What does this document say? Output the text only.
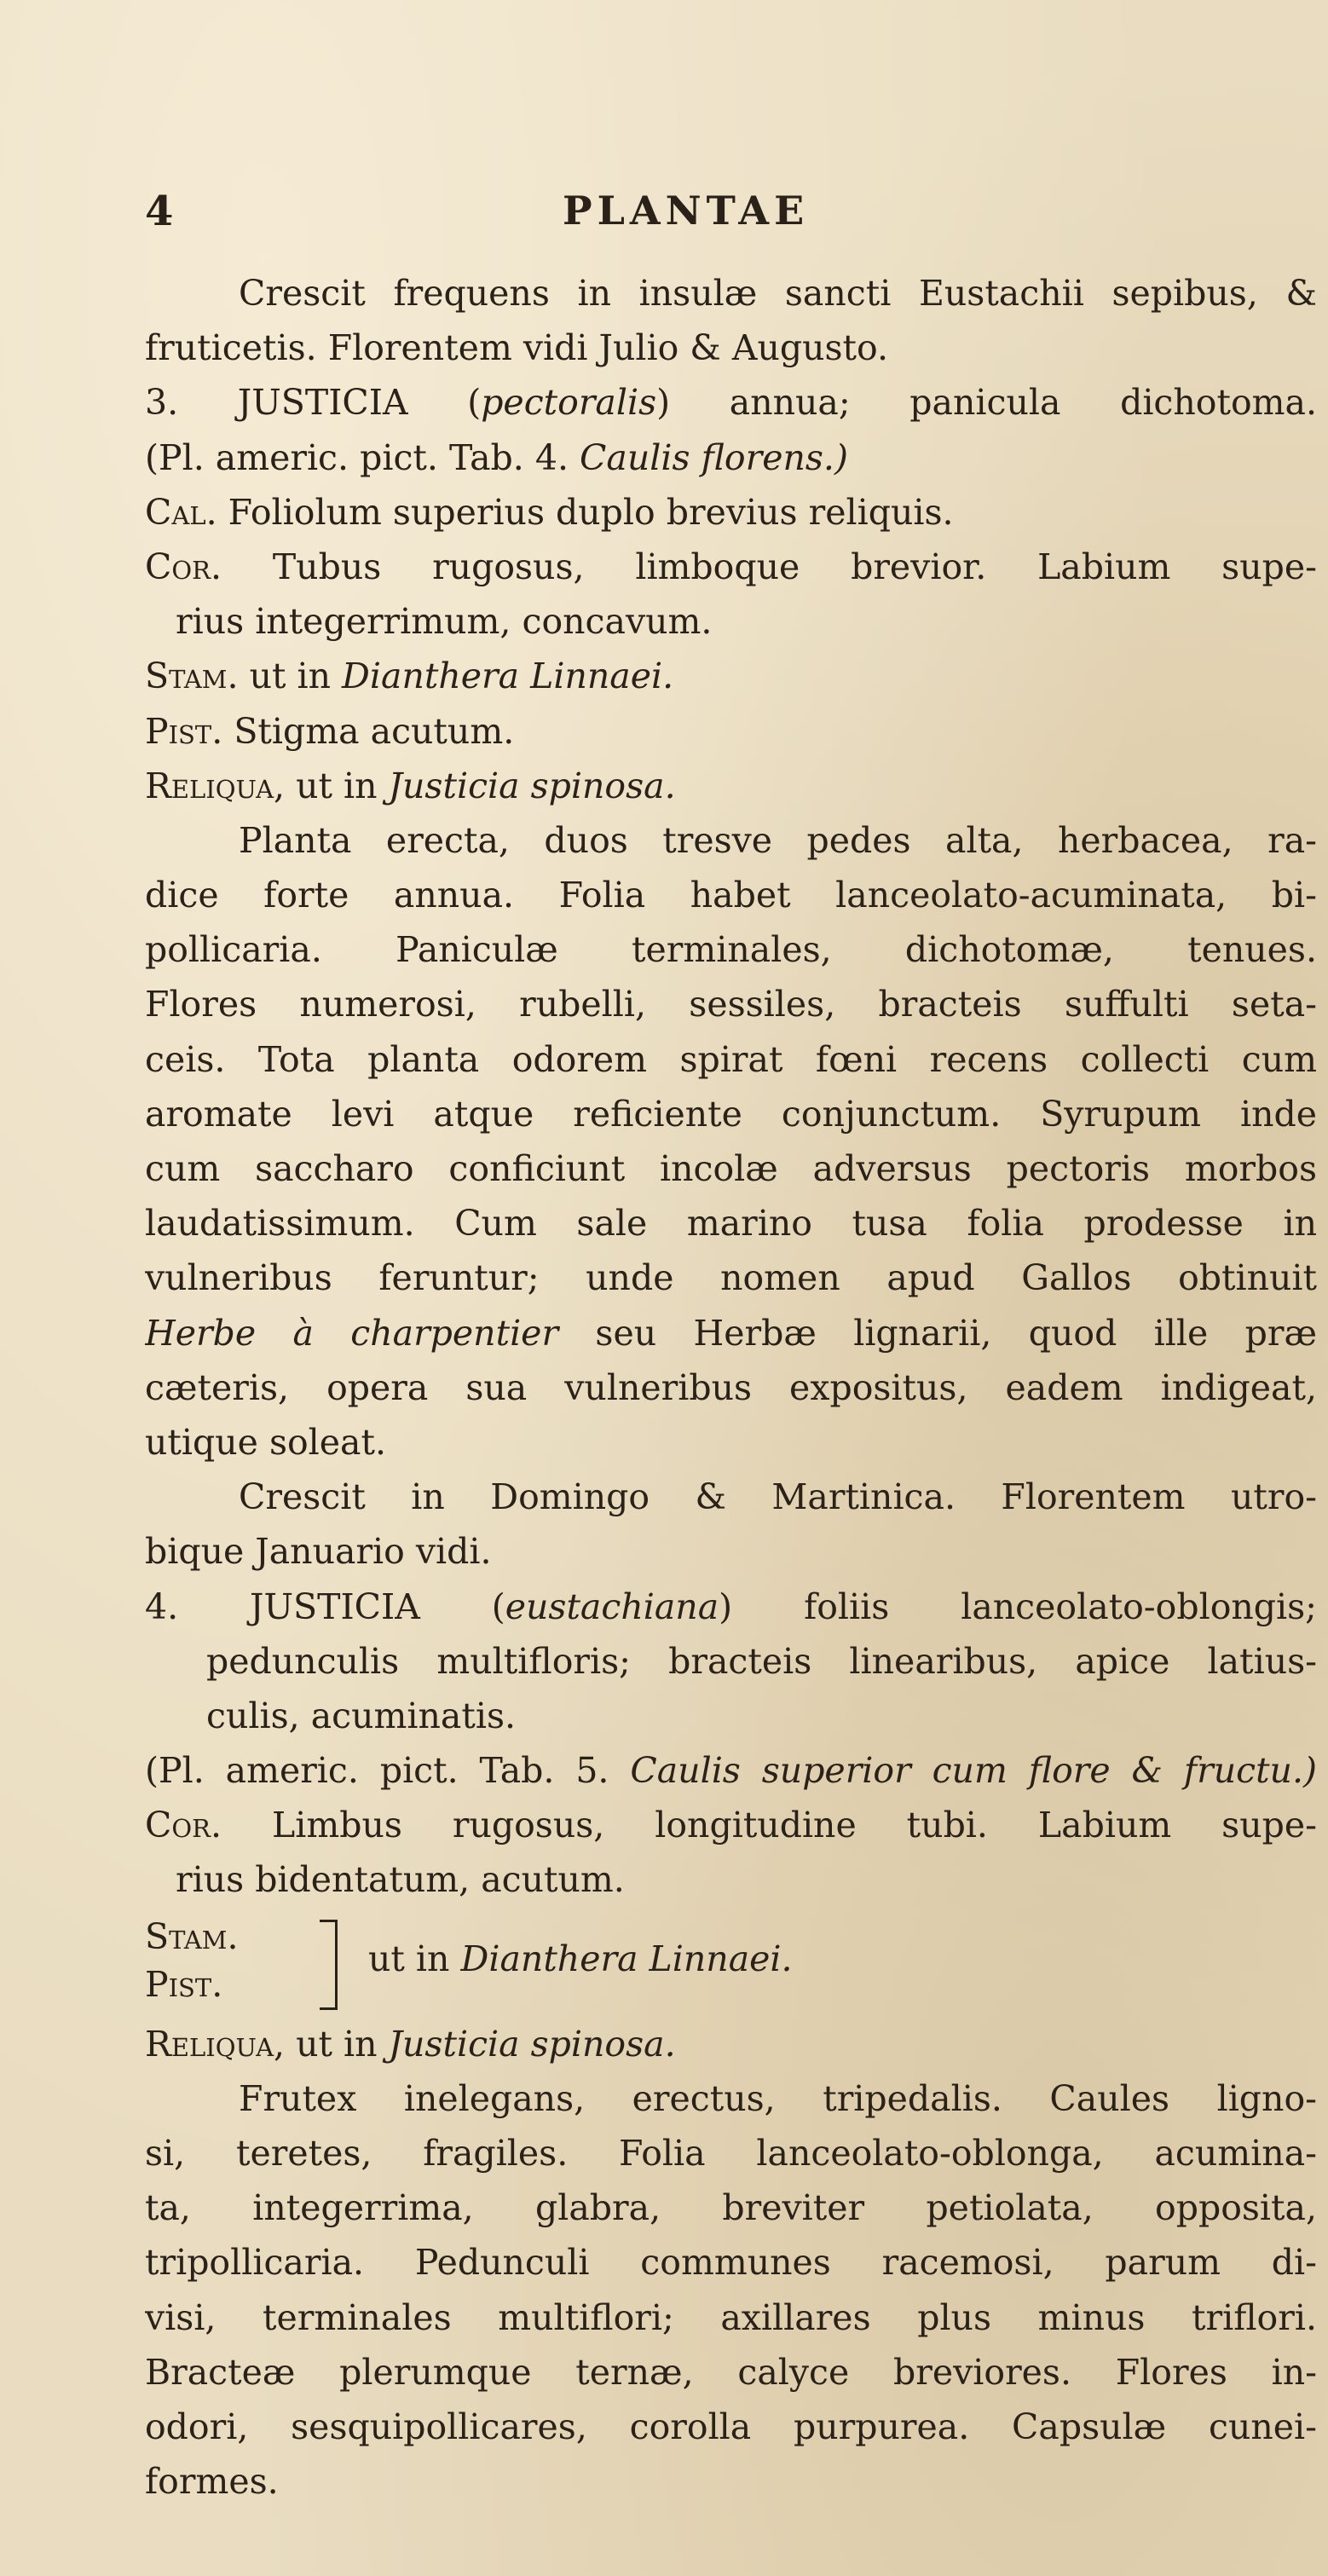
4	PLANTAE
Crescit frequens in insulæ sancti Eustachii sepibus, &
fruticetis. Florentem vidi Julio & Augusto.
3. JUSTICIA (pectoralis) annua; panicula dichotoma.
(Pl. americ. pict. Tab. 4. Caulis florens.)
Cal. Foliolum superius duplo brevius reliquis.
Cor. Tubus rugosus, limboque brevior. Labium supe-
rius integerrimum, concavum.
Stam. ut in Dianthera Linnaei.
Pist. Stigma acutum.
Reliqua, ut in Justicia spinosa.
Planta erecta, duos tresve pedes alta, herbacea, ra-
dice forte annua. Folia habet lanceolato-acuminata, bi-
pollicaria. Paniculæ terminales, dichotomæ, tenues.
Flores numerosi, rubelli, sessiles, bracteis suffulti seta-
ceis. Tota planta odorem spirat fœni recens collecti cum
aromate levi atque reficiente conjunctum. Syrupum inde
cum saccharo conficiunt incolæ adversus pectoris morbos
laudatissimum. Cum sale marino tusa folia prodesse in
vulneribus feruntur; unde nomen apud Gallos obtinuit
Herbe à charpentier seu Herbæ lignarii, quod ille præ
cæteris, opera sua vulneribus expositus, eadem indigeat,
utique soleat.
Crescit in Domingo & Martinica. Florentem utro-
bique Januario vidi.
4. JUSTICIA (eustachiana) foliis lanceolato-oblongis;
pedunculis multifloris; bracteis linearibus, apice latius-
culis, acuminatis.
(Pl. americ. pict. Tab. 5. Caulis superior cum flore & fructu.)
Cor. Limbus rugosus, longitudine tubi. Labium supe-
rius bidentatum, acutum.
Stam.
Pist.
ut in Dianthera Linnaei.
Reliqua, ut in Justicia spinosa.
Frutex inelegans, erectus, tripedalis. Caules ligno-
si, teretes, fragiles. Folia lanceolato-oblonga, acumina-
ta, integerrima, glabra, breviter petiolata, opposita,
tripollicaria. Pedunculi communes racemosi, parum di-
visi, terminales multiflori; axillares plus minus triflori.
Bracteæ plerumque ternæ, calyce breviores. Flores in-
odori, sesquipollicares, corolla purpurea. Capsulæ cunei-
formes.
